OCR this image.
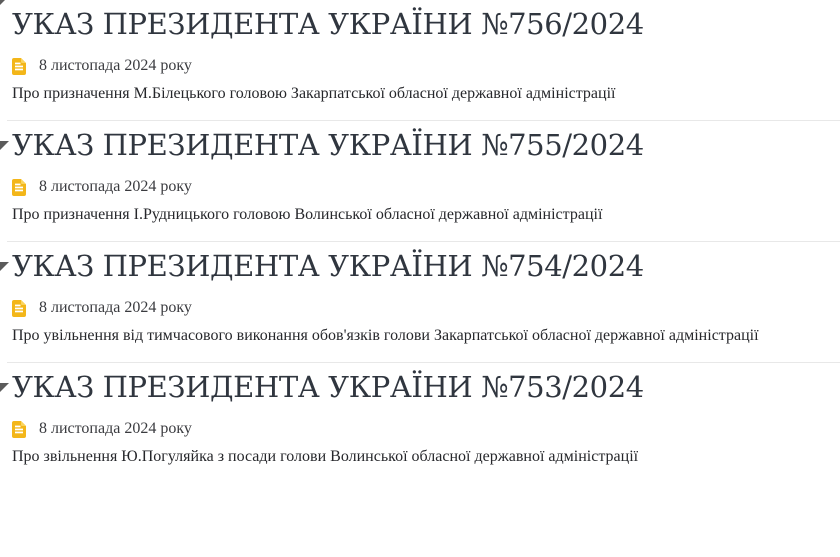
УКАЗ ПРЕЗИДЕНТА УКРАЇНИ №756/2024
8 листопада 2024 року

Про призначення М.Білецького головою Закарпатської обласної державної адміністрації

УКАЗ ПРЕЗИДЕНТА УКРАЇНИ №755/2024
8 листопада 2024 року

Про призначення І.Рудницького головою Волинської обласної державної адміністрації

УКАЗ ПРЕЗИДЕНТА УКРАЇНИ №754/2024
8 листопада 2024 року

Про увільнення від тимчасового виконання обов'язків голови Закарпатської обласної державної адміністрації

УКАЗ ПРЕЗИДЕНТА УКРАЇНИ №753/2024
8 листопада 2024 року

Про звільнення Ю.Погуляйка з посади голови Волинської обласної державної адміністрації
